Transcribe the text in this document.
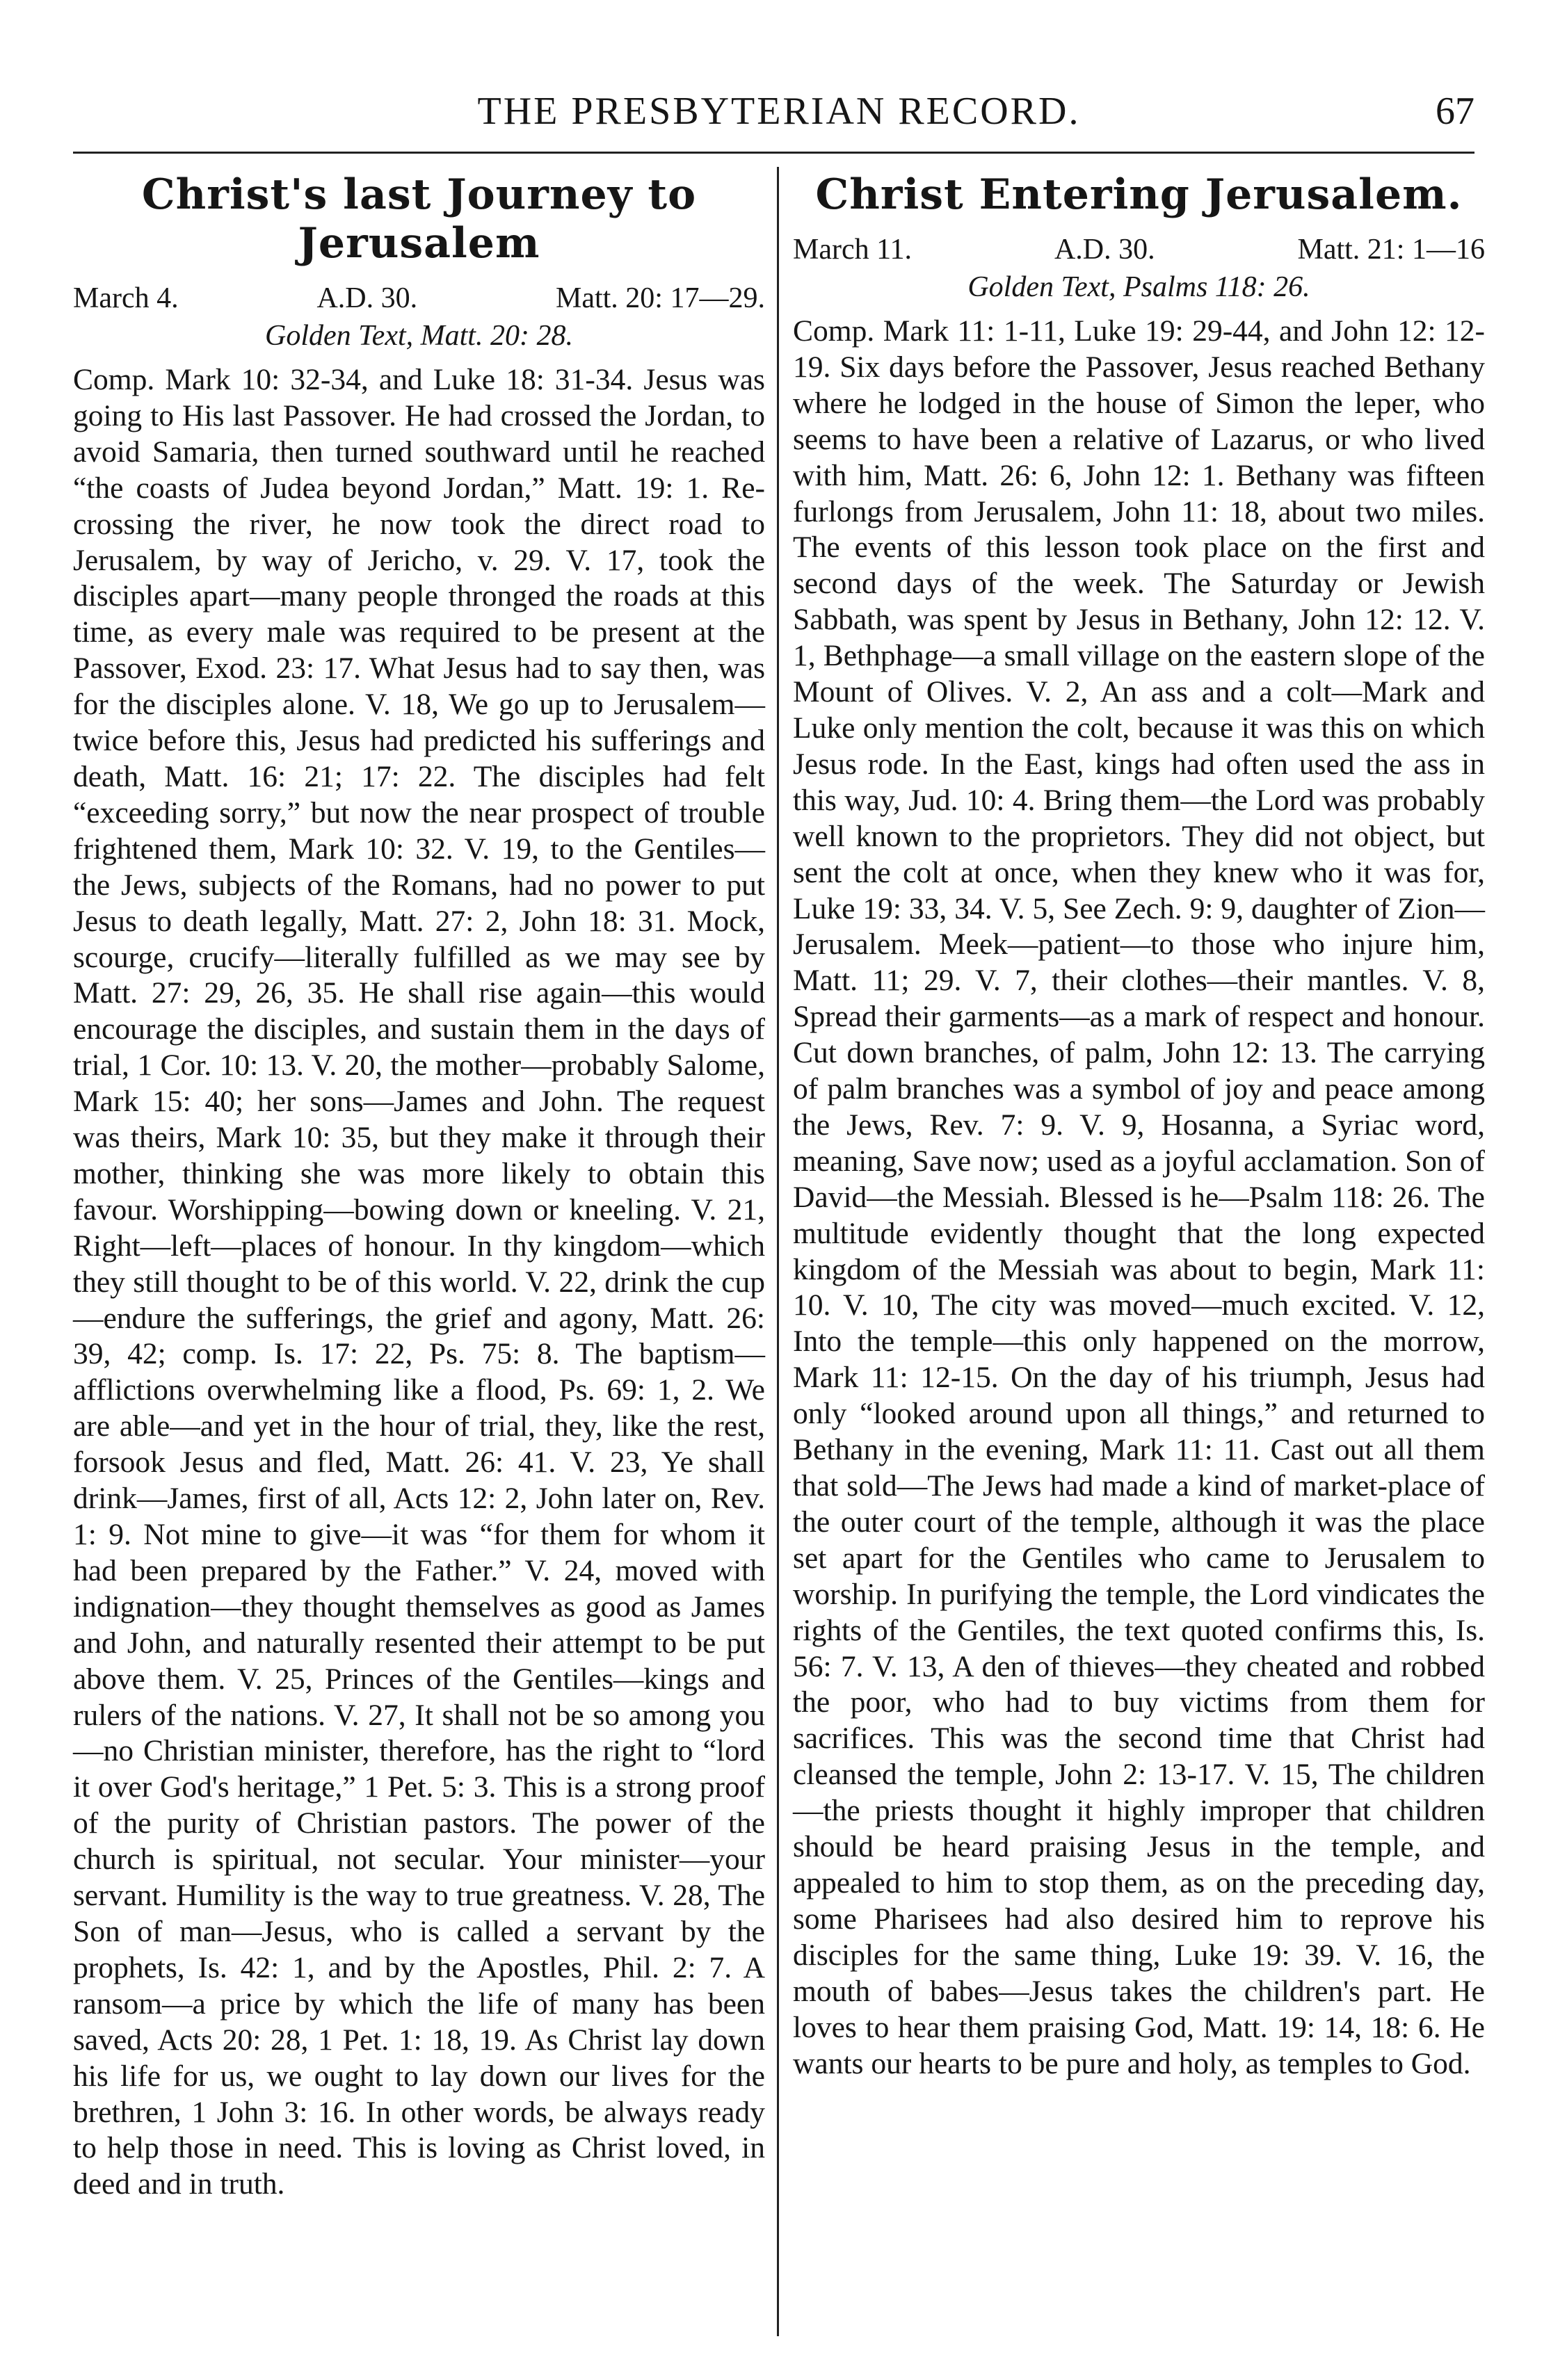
THE PRESBYTERIAN RECORD.	67
Christ's last Journey to Jerusalem
March 4.	A.D. 30.	Matt. 20: 17—29.
Golden Text, Matt. 20: 28.

Comp. Mark 10: 32-34, and Luke 18: 31-34. Jesus was going to His last Passover. He had crossed the Jordan, to avoid Samaria, then turned southward until he reached “the coasts of Judea beyond Jordan,” Matt. 19: 1. Re-crossing the river, he now took the direct road to Jerusalem, by way of Jericho, v. 29. V. 17, took the disciples apart—many people thronged the roads at this time, as every male was required to be present at the Passover, Exod. 23: 17. What Jesus had to say then, was for the disciples alone. V. 18, We go up to Jerusalem—twice before this, Jesus had predicted his sufferings and death, Matt. 16: 21; 17: 22. The disciples had felt “exceeding sorry,” but now the near prospect of trouble frightened them, Mark 10: 32. V. 19, to the Gentiles—the Jews, subjects of the Romans, had no power to put Jesus to death legally, Matt. 27: 2, John 18: 31. Mock, scourge, crucify—literally fulfilled as we may see by Matt. 27: 29, 26, 35. He shall rise again—this would encourage the disciples, and sustain them in the days of trial, 1 Cor. 10: 13. V. 20, the mother—probably Salome, Mark 15: 40; her sons—James and John. The request was theirs, Mark 10: 35, but they make it through their mother, thinking she was more likely to obtain this favour. Worshipping—bowing down or kneeling. V. 21, Right—left—places of honour. In thy kingdom—which they still thought to be of this world. V. 22, drink the cup—endure the sufferings, the grief and agony, Matt. 26: 39, 42; comp. Is. 17: 22, Ps. 75: 8. The baptism—afflictions overwhelming like a flood, Ps. 69: 1, 2. We are able—and yet in the hour of trial, they, like the rest, forsook Jesus and fled, Matt. 26: 41. V. 23, Ye shall drink—James, first of all, Acts 12: 2, John later on, Rev. 1: 9. Not mine to give—it was “for them for whom it had been prepared by the Father.” V. 24, moved with indignation—they thought themselves as good as James and John, and naturally resented their attempt to be put above them. V. 25, Princes of the Gentiles—kings and rulers of the nations. V. 27, It shall not be so among you—no Christian minister, therefore, has the right to “lord it over God's heritage,” 1 Pet. 5: 3. This is a strong proof of the purity of Christian pastors. The power of the church is spiritual, not secular. Your minister—your servant. Humility is the way to true greatness. V. 28, The Son of man—Jesus, who is called a servant by the prophets, Is. 42: 1, and by the Apostles, Phil. 2: 7. A ransom—a price by which the life of many has been saved, Acts 20: 28, 1 Pet. 1: 18, 19. As Christ lay down his life for us, we ought to lay down our lives for the brethren, 1 John 3: 16. In other words, be always ready to help those in need. This is loving as Christ loved, in deed and in truth.

Christ Entering Jerusalem.
March 11.	A.D. 30.	Matt. 21: 1—16
Golden Text, Psalms 118: 26.

Comp. Mark 11: 1-11, Luke 19: 29-44, and John 12: 12-19. Six days before the Passover, Jesus reached Bethany where he lodged in the house of Simon the leper, who seems to have been a relative of Lazarus, or who lived with him, Matt. 26: 6, John 12: 1. Bethany was fifteen furlongs from Jerusalem, John 11: 18, about two miles. The events of this lesson took place on the first and second days of the week. The Saturday or Jewish Sabbath, was spent by Jesus in Bethany, John 12: 12. V. 1, Bethphage—a small village on the eastern slope of the Mount of Olives. V. 2, An ass and a colt—Mark and Luke only mention the colt, because it was this on which Jesus rode. In the East, kings had often used the ass in this way, Jud. 10: 4. Bring them—the Lord was probably well known to the proprietors. They did not object, but sent the colt at once, when they knew who it was for, Luke 19: 33, 34. V. 5, See Zech. 9: 9, daughter of Zion—Jerusalem. Meek—patient—to those who injure him, Matt. 11; 29. V. 7, their clothes—their mantles. V. 8, Spread their garments—as a mark of respect and honour. Cut down branches, of palm, John 12: 13. The carrying of palm branches was a symbol of joy and peace among the Jews, Rev. 7: 9. V. 9, Hosanna, a Syriac word, meaning, Save now; used as a joyful acclamation. Son of David—the Messiah. Blessed is he—Psalm 118: 26. The multitude evidently thought that the long expected kingdom of the Messiah was about to begin, Mark 11: 10. V. 10, The city was moved—much excited. V. 12, Into the temple—this only happened on the morrow, Mark 11: 12-15. On the day of his triumph, Jesus had only “looked around upon all things,” and returned to Bethany in the evening, Mark 11: 11. Cast out all them that sold—The Jews had made a kind of market-place of the outer court of the temple, although it was the place set apart for the Gentiles who came to Jerusalem to worship. In purifying the temple, the Lord vindicates the rights of the Gentiles, the text quoted confirms this, Is. 56: 7. V. 13, A den of thieves—they cheated and robbed the poor, who had to buy victims from them for sacrifices. This was the second time that Christ had cleansed the temple, John 2: 13-17. V. 15, The children—the priests thought it highly improper that children should be heard praising Jesus in the temple, and appealed to him to stop them, as on the preceding day, some Pharisees had also desired him to reprove his disciples for the same thing, Luke 19: 39. V. 16, the mouth of babes—Jesus takes the children's part. He loves to hear them praising God, Matt. 19: 14, 18: 6. He wants our hearts to be pure and holy, as temples to God.
